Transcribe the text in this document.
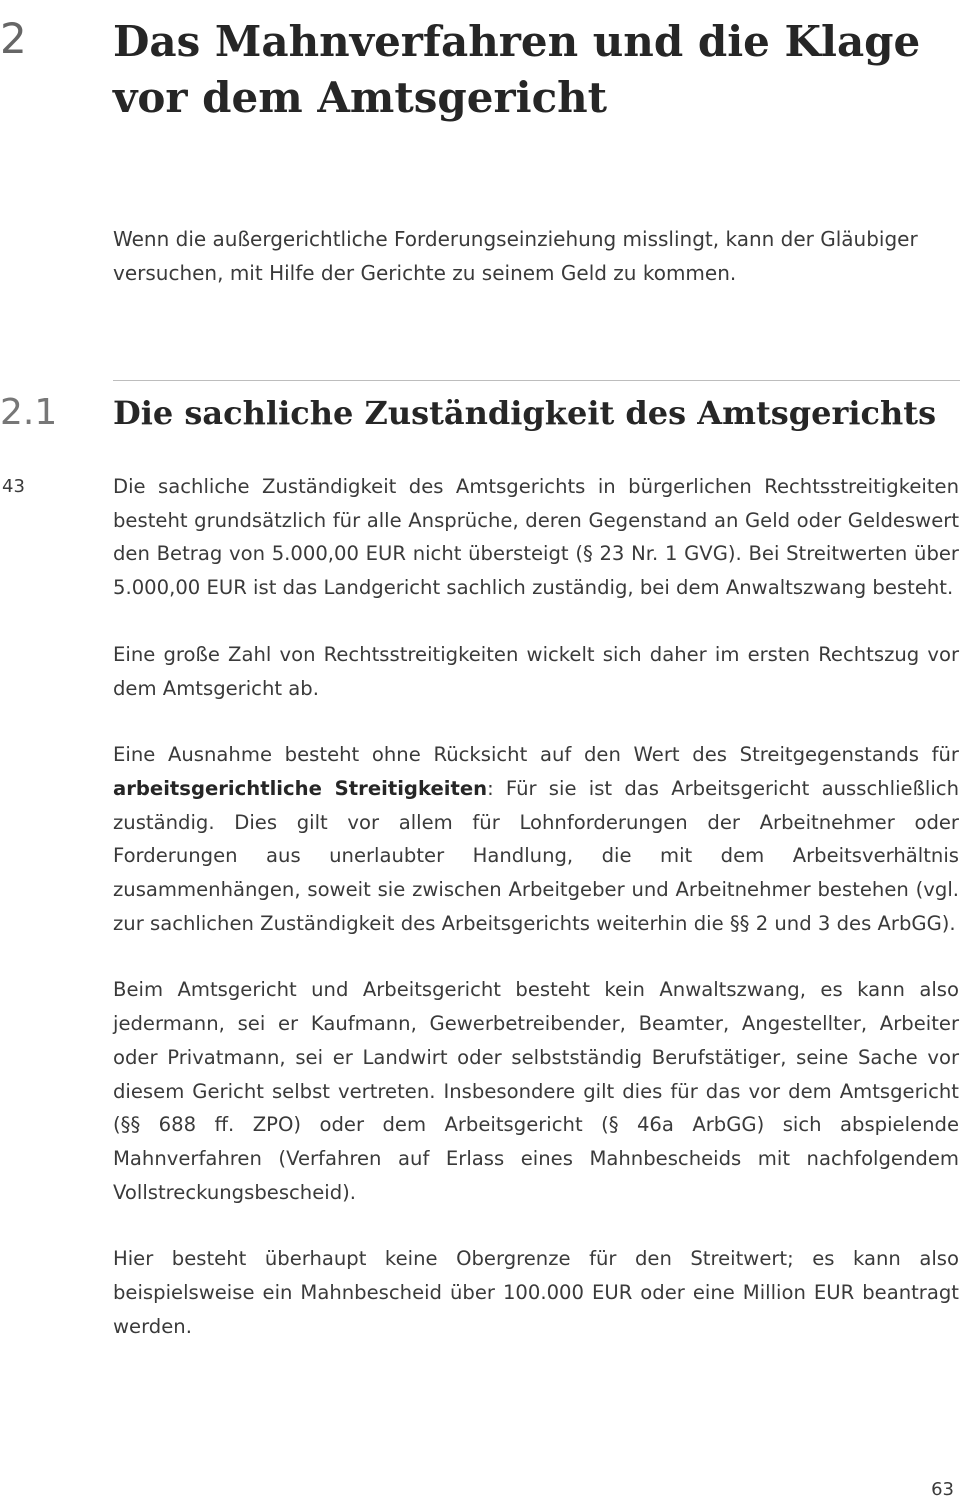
2 Das Mahnverfahren und die Klage
vor dem Amtsgericht

Wenn die außergerichtliche Forderungseinziehung misslingt, kann der Gläubiger versuchen, mit Hilfe der Gerichte zu seinem Geld zu kommen.

2.1 Die sachliche Zuständigkeit des Amtsgerichts
43	Die sachliche Zuständigkeit des Amtsgerichts in bürgerlichen Rechtsstreitigkeiten besteht grundsätzlich für alle Ansprüche, deren Gegenstand an Geld oder Geldeswert den Betrag von 5.000,00 EUR nicht übersteigt (§ 23 Nr. 1 GVG). Bei Streitwerten über 5.000,00 EUR ist das Landgericht sachlich zuständig, bei dem Anwaltszwang besteht.

Eine große Zahl von Rechtsstreitigkeiten wickelt sich daher im ersten Rechtszug vor dem Amtsgericht ab.

Eine Ausnahme besteht ohne Rücksicht auf den Wert des Streitgegenstands für arbeitsgerichtliche Streitigkeiten: Für sie ist das Arbeitsgericht ausschließlich zuständig. Dies gilt vor allem für Lohnforderungen der Arbeitnehmer oder Forderungen aus unerlaubter Handlung, die mit dem Arbeitsverhältnis zusammenhängen, soweit sie zwischen Arbeitgeber und Arbeitnehmer bestehen (vgl. zur sachlichen Zuständigkeit des Arbeitsgerichts weiterhin die §§ 2 und 3 des ArbGG).

Beim Amtsgericht und Arbeitsgericht besteht kein Anwaltszwang, es kann also jedermann, sei er Kaufmann, Gewerbetreibender, Beamter, Angestellter, Arbeiter oder Privatmann, sei er Landwirt oder selbstständig Berufstätiger, seine Sache vor diesem Gericht selbst vertreten. Insbesondere gilt dies für das vor dem Amtsgericht (§§ 688 ff. ZPO) oder dem Arbeitsgericht (§ 46a ArbGG) sich abspielende Mahnverfahren (Verfahren auf Erlass eines Mahnbescheids mit nachfolgendem Vollstreckungsbescheid).

Hier besteht überhaupt keine Obergrenze für den Streitwert; es kann also beispielsweise ein Mahnbescheid über 100.000 EUR oder eine Million EUR beantragt werden.

63
